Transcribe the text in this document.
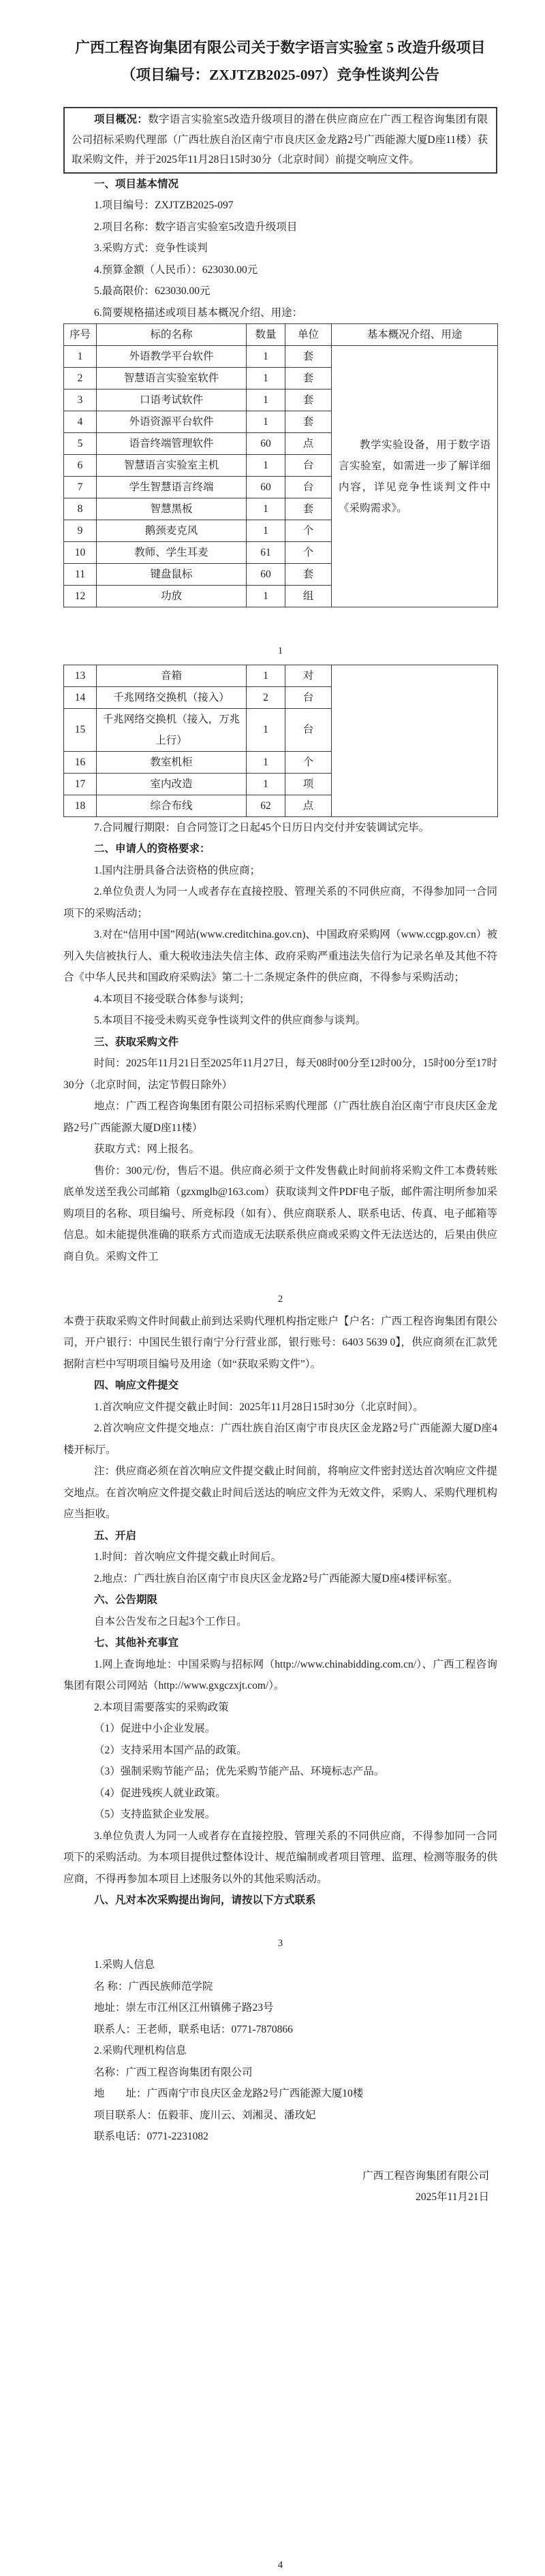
广西工程咨询集团有限公司关于数字语言实验室 5 改造升级项目

（项目编号：ZXJTZB2025-097）竞争性谈判公告

项目概况：数字语言实验室5改造升级项目的潜在供应商应在广西工程咨询集团有限公司招标采购代理部（广西壮族自治区南宁市良庆区金龙路2号广西能源大厦D座11楼）获取采购文件，并于2025年11月28日15时30分（北京时间）前提交响应文件。

一、项目基本情况

1.项目编号：ZXJTZB2025-097

2.项目名称：数字语言实验室5改造升级项目

3.采购方式：竞争性谈判

4.预算金额（人民币）：623030.00元

5.最高限价：623030.00元

6.简要规格描述或项目基本概况介绍、用途：

序号	标的名称	数量	单位	基本概况介绍、用途
1	外语教学平台软件	1	套	教学实验设备，用于数字语言实验室，如需进一步了解详细内容，详见竞争性谈判文件中《采购需求》。

2	智慧语言实验室软件	1	套	
3	口语考试软件	1	套	
4	外语资源平台软件	1	套	
5	语音终端管理软件	60	点	
6	智慧语言实验室主机	1	台	
7	学生智慧语言终端	60	台	
8	智慧黑板	1	套	
9	鹅颈麦克风	1	个	
10	教师、学生耳麦	61	个	
11	键盘鼠标	60	套	
12	功放	1	组	

1

13	音箱	1	对	
14	千兆网络交换机（接入）	2	台	
15	千兆网络交换机（接入，万兆上行）	1	台	
16	教室机柜	1	个	
17	室内改造	1	项	
18	综合布线	62	点	

7.合同履行期限：自合同签订之日起45个日历日内交付并安装调试完毕。

二、申请人的资格要求：

1.国内注册具备合法资格的供应商；

2.单位负责人为同一人或者存在直接控股、管理关系的不同供应商，不得参加同一合同项下的采购活动；

3.对在“信用中国”网站(www.creditchina.gov.cn)、中国政府采购网（www.ccgp.gov.cn）被列入失信被执行人、重大税收违法失信主体、政府采购严重违法失信行为记录名单及其他不符合《中华人民共和国政府采购法》第二十二条规定条件的供应商，不得参与采购活动；

4.本项目不接受联合体参与谈判；

5.本项目不接受未购买竞争性谈判文件的供应商参与谈判。

三、获取采购文件

时间：2025年11月21日至2025年11月27日，每天08时00分至12时00分，15时00分至17时30分（北京时间，法定节假日除外）

地点：广西工程咨询集团有限公司招标采购代理部（广西壮族自治区南宁市良庆区金龙路2号广西能源大厦D座11楼）

获取方式：网上报名。

售价：300元/份，售后不退。供应商必须于文件发售截止时间前将采购文件工本费转账底单发送至我公司邮箱（gzxmglb@163.com）获取谈判文件PDF电子版，邮件需注明所参加采购项目的名称、项目编号、所竞标段（如有）、供应商联系人、联系电话、传真、电子邮箱等信息。如未能提供准确的联系方式而造成无法联系供应商或采购文件无法送达的，后果由供应商自负。采购文件工

2

本费于获取采购文件时间截止前到达采购代理机构指定账户【户名：广西工程咨询集团有限公司，开户银行：中国民生银行南宁分行营业部，银行账号：6403 5639 0】，供应商须在汇款凭据附言栏中写明项目编号及用途（如“获取采购文件”）。

四、响应文件提交

1.首次响应文件提交截止时间：2025年11月28日15时30分（北京时间）。

2.首次响应文件提交地点：广西壮族自治区南宁市良庆区金龙路2号广西能源大厦D座4楼开标厅。

注：供应商必须在首次响应文件提交截止时间前，将响应文件密封送达首次响应文件提交地点。在首次响应文件提交截止时间后送达的响应文件为无效文件，采购人、采购代理机构应当拒收。

五、开启

1.时间：首次响应文件提交截止时间后。

2.地点：广西壮族自治区南宁市良庆区金龙路2号广西能源大厦D座4楼评标室。

六、公告期限

自本公告发布之日起3个工作日。

七、其他补充事宜

1.网上查询地址：中国采购与招标网（http://www.chinabidding.com.cn/）、广西工程咨询集团有限公司网站（http://www.gxgczxjt.com/）。

2.本项目需要落实的采购政策

（1）促进中小企业发展。

（2）支持采用本国产品的政策。

（3）强制采购节能产品；优先采购节能产品、环境标志产品。

（4）促进残疾人就业政策。

（5）支持监狱企业发展。

3.单位负责人为同一人或者存在直接控股、管理关系的不同供应商，不得参加同一合同项下的采购活动。为本项目提供过整体设计、规范编制或者项目管理、监理、检测等服务的供应商，不得再参加本项目上述服务以外的其他采购活动。

八、凡对本次采购提出询问，请按以下方式联系

3

1.采购人信息

名 称：广西民族师范学院

地址：崇左市江州区江州镇佛子路23号

联系人：王老师，联系电话：0771-7870866

2.采购代理机构信息

名称：广西工程咨询集团有限公司

地　　址：广西南宁市良庆区金龙路2号广西能源大厦10楼

项目联系人：伍毅菲、庞川云、刘湘灵、潘玫妃

联系电话：0771-2231082

广西工程咨询集团有限公司

2025年11月21日

4
